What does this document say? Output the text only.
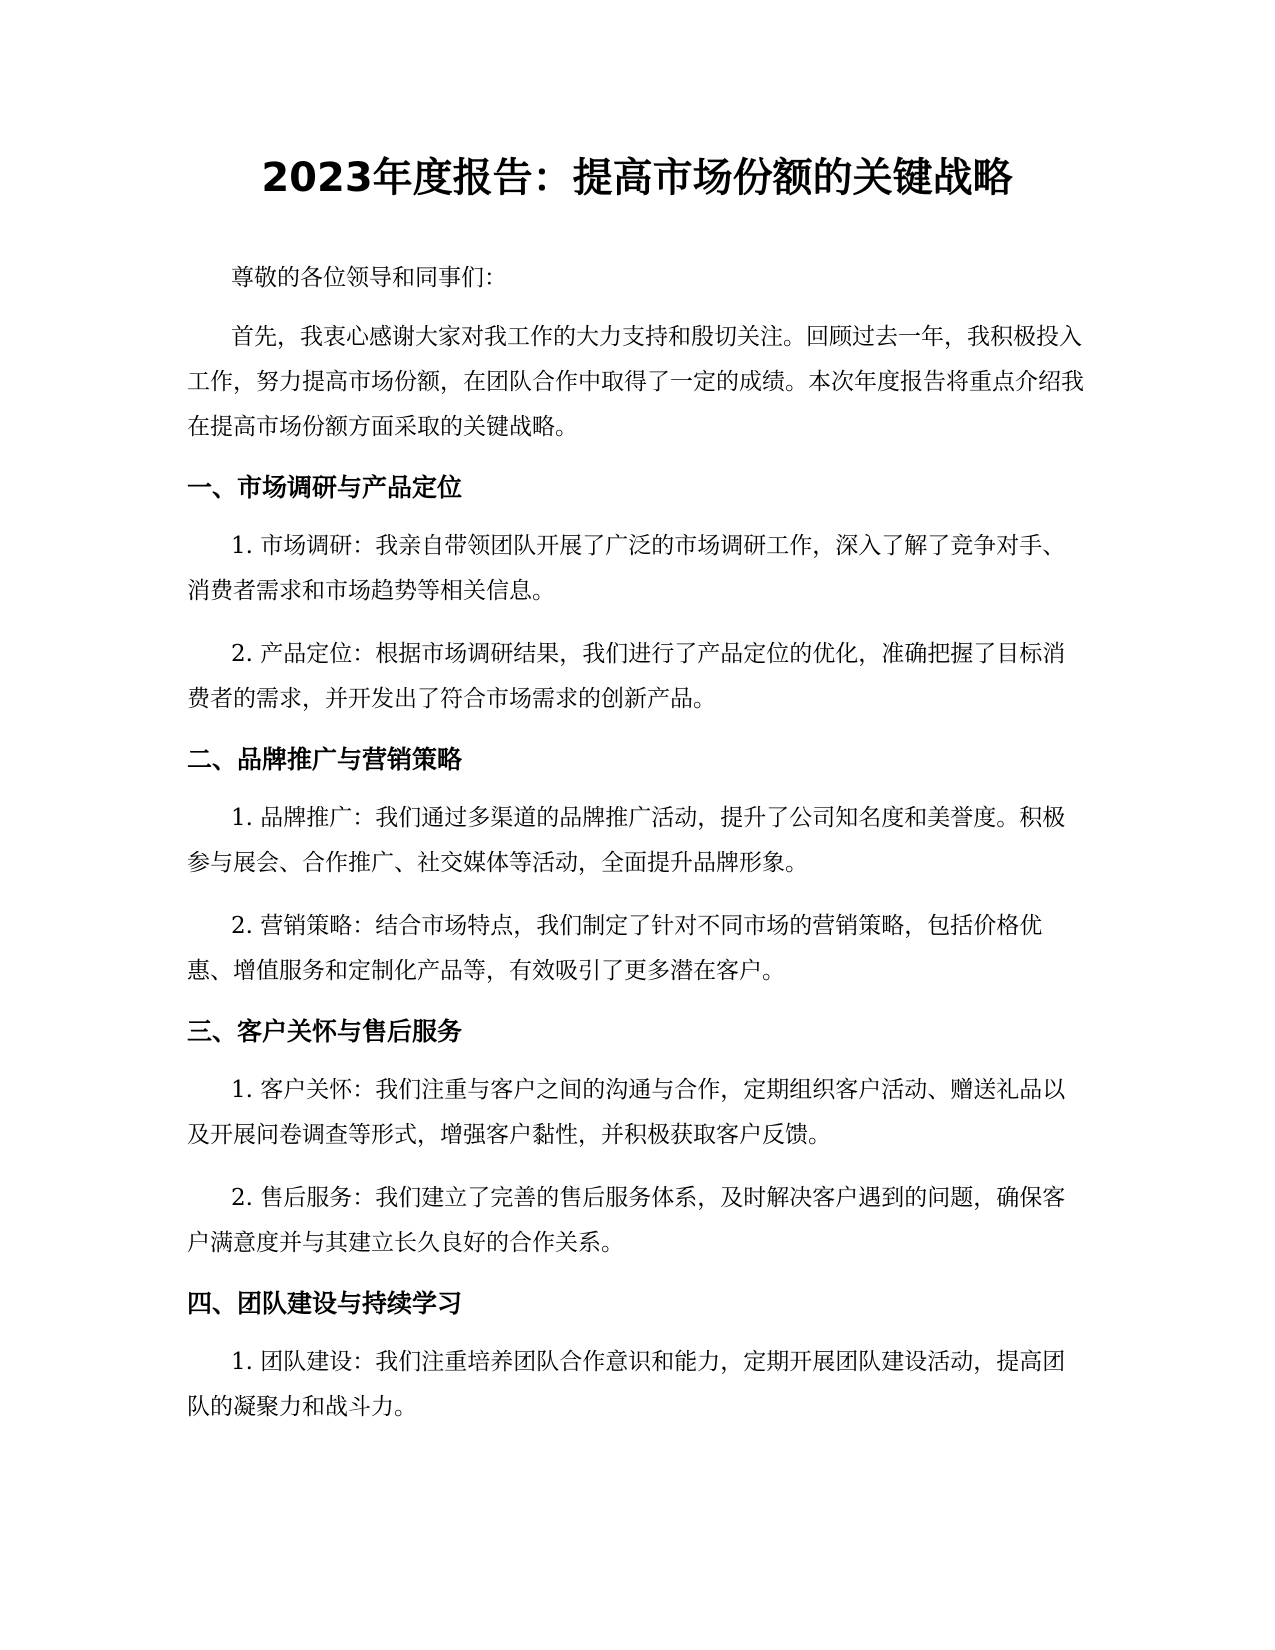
2023年度报告：提高市场份额的关键战略

尊敬的各位领导和同事们：

首先，我衷心感谢大家对我工作的大力支持和殷切关注。回顾过去一年，我积极投入工作，努力提高市场份额，在团队合作中取得了一定的成绩。本次年度报告将重点介绍我在提高市场份额方面采取的关键战略。

一、市场调研与产品定位

1. 市场调研：我亲自带领团队开展了广泛的市场调研工作，深入了解了竞争对手、消费者需求和市场趋势等相关信息。

2. 产品定位：根据市场调研结果，我们进行了产品定位的优化，准确把握了目标消费者的需求，并开发出了符合市场需求的创新产品。

二、品牌推广与营销策略

1. 品牌推广：我们通过多渠道的品牌推广活动，提升了公司知名度和美誉度。积极参与展会、合作推广、社交媒体等活动，全面提升品牌形象。

2. 营销策略：结合市场特点，我们制定了针对不同市场的营销策略，包括价格优惠、增值服务和定制化产品等，有效吸引了更多潜在客户。

三、客户关怀与售后服务

1. 客户关怀：我们注重与客户之间的沟通与合作，定期组织客户活动、赠送礼品以及开展问卷调查等形式，增强客户黏性，并积极获取客户反馈。

2. 售后服务：我们建立了完善的售后服务体系，及时解决客户遇到的问题，确保客户满意度并与其建立长久良好的合作关系。

四、团队建设与持续学习

1. 团队建设：我们注重培养团队合作意识和能力，定期开展团队建设活动，提高团队的凝聚力和战斗力。
